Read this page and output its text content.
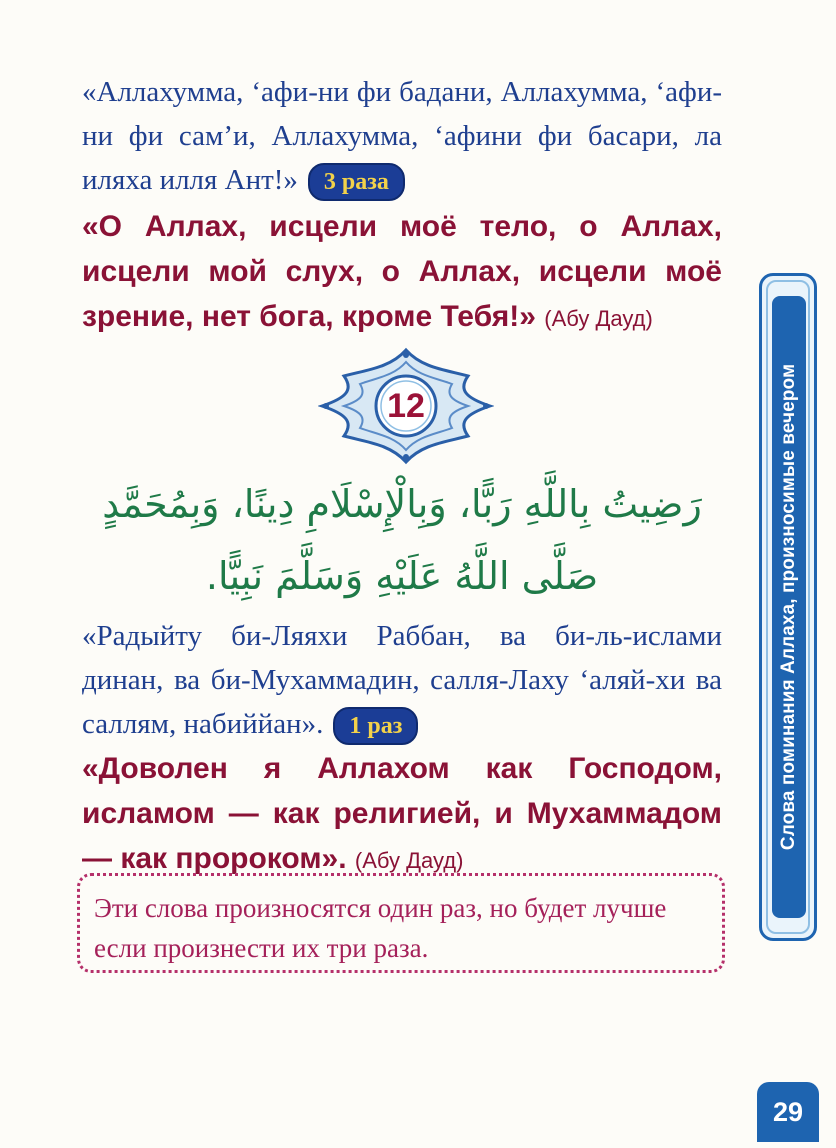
«Аллахумма, ʻафи-ни фи бадани, Аллахумма, ʻафи-ни фи самʼи, Аллахумма, ʻафини фи басари, ла иляха илля Ант!» 3 раза
«О Аллах, исцели моё тело, о Аллах, исцели мой слух, о Аллах, исцели моё зрение, нет бога, кроме Тебя!» (Абу Дауд)
12
رَضِيتُ بِاللَّهِ رَبًّا، وَبِالْإِسْلَامِ دِينًا، وَبِمُحَمَّدٍ صَلَّى اللَّهُ عَلَيْهِ وَسَلَّمَ نَبِيًّا.
«Радыйту би-Ляяхи Раббан, ва би-ль-ислами динан, ва би-Мухаммадин, салля-Лаху ʻаляй-хи ва саллям, набиййан». 1 раз
«Доволен я Аллахом как Господом, исламом — как религией, и Мухаммадом — как пророком». (Абу Дауд)
Эти слова произносятся один раз, но будет лучше если произнести их три раза.
Слова поминания Аллаха, произносимые вечером
29
